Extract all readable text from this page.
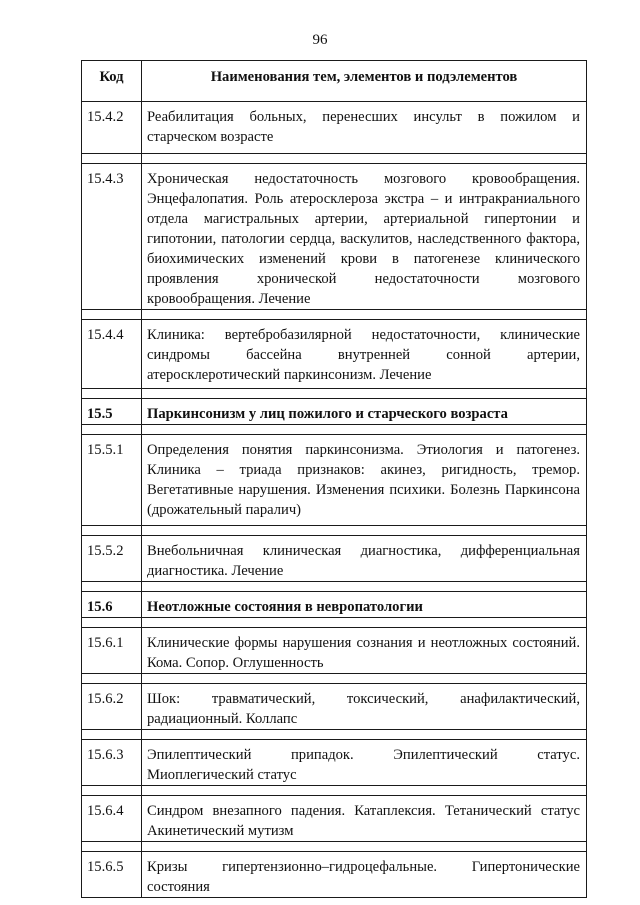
96
Код	Наименования тем, элементов и подэлементов
15.4.2	Реабилитация больных, перенесших инсульт в пожилом и старческом возрасте

15.4.3	Хроническая недостаточность мозгового кровообращения. Энцефалопатия. Роль атеросклероза экстра – и интракраниального отдела магистральных артерии, артериальной гипертонии и гипотонии, патологии сердца, васкулитов, наследственного фактора, биохимических изменений крови в патогенезе клинического проявления хронической недостаточности мозгового кровообращения. Лечение

15.4.4	Клиника: вертебробазилярной недостаточности, клинические синдромы бассейна внутренней сонной артерии, атеросклеротический паркинсонизм. Лечение

15.5	Паркинсонизм у лиц пожилого и старческого возраста

15.5.1	Определения понятия паркинсонизма. Этиология и патогенез. Клиника – триада признаков: акинез, ригидность, тремор. Вегетативные нарушения. Изменения психики. Болезнь Паркинсона (дрожательный паралич)

15.5.2	Внебольничная клиническая диагностика, дифференциальная диагностика. Лечение

15.6	Неотложные состояния в невропатологии

15.6.1	Клинические формы нарушения сознания и неотложных состояний. Кома. Сопор. Оглушенность

15.6.2	Шок: травматический, токсический, анафилактический, радиационный. Коллапс

15.6.3	Эпилептический припадок. Эпилептический статус. Миоплегический статус

15.6.4	Синдром внезапного падения. Катаплексия. Тетанический статус Акинетический мутизм

15.6.5	Кризы гипертензионно–гидроцефальные. Гипертонические состояния
